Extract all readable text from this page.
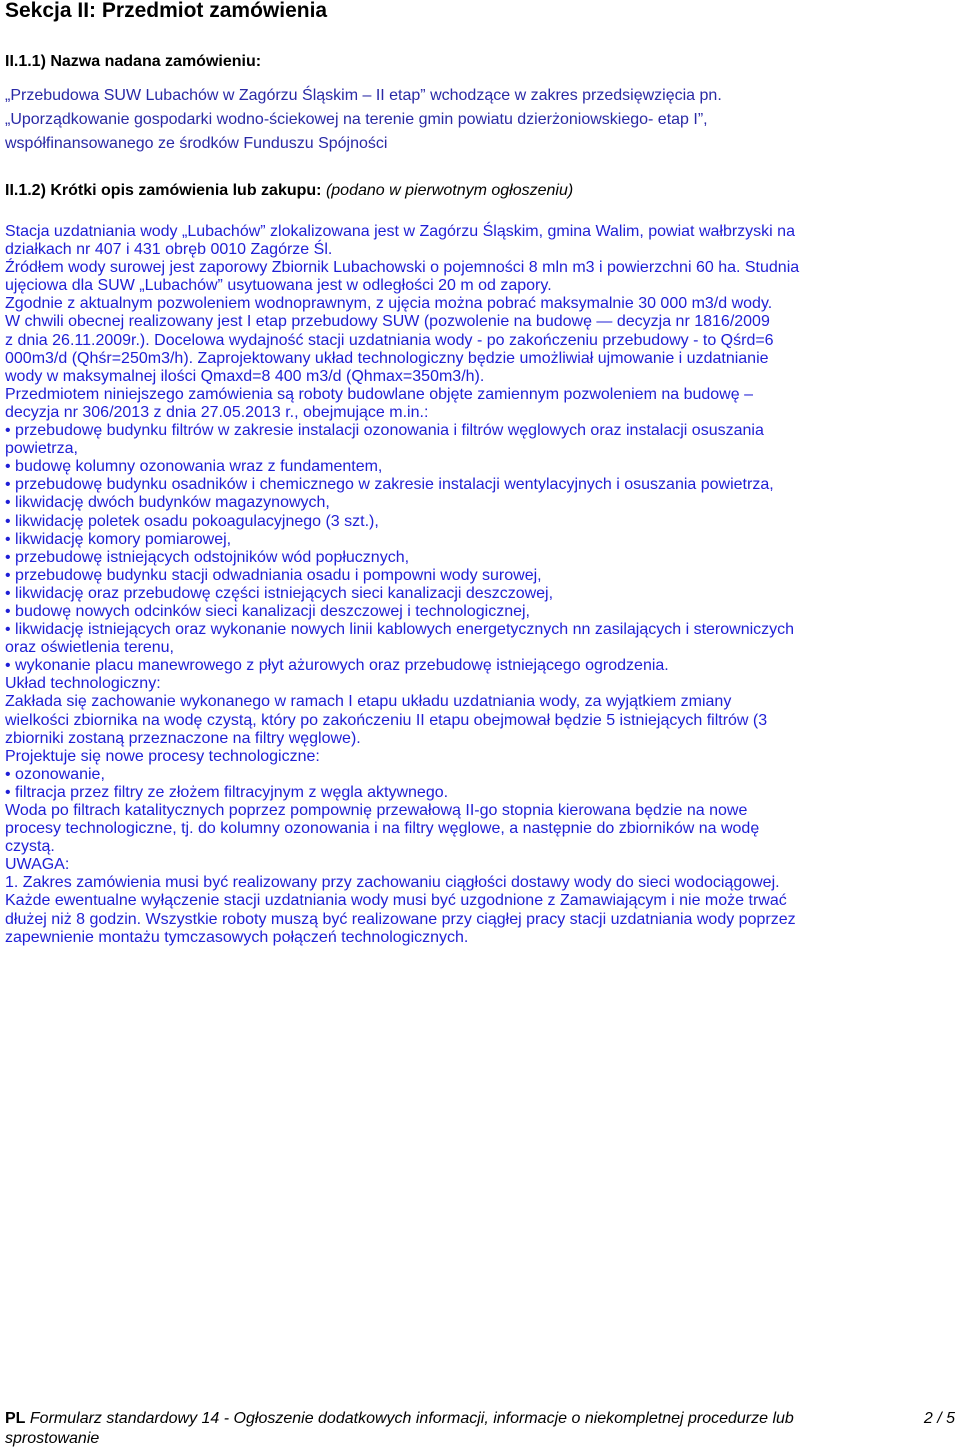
Sekcja II: Przedmiot zamówienia
II.1.1) Nazwa nadana zamówieniu:
„Przebudowa SUW Lubachów w Zagórzu Śląskim – II etap” wchodzące w zakres przedsięwzięcia pn.
„Uporządkowanie gospodarki wodno-ściekowej na terenie gmin powiatu dzierżoniowskiego- etap I”,
współfinansowanego ze środków Funduszu Spójności
II.1.2) Krótki opis zamówienia lub zakupu: (podano w pierwotnym ogłoszeniu)
Stacja uzdatniania wody „Lubachów” zlokalizowana jest w Zagórzu Śląskim, gmina Walim, powiat wałbrzyski na
działkach nr 407 i 431 obręb 0010 Zagórze Śl.
Źródłem wody surowej jest zaporowy Zbiornik Lubachowski o pojemności 8 mln m3 i powierzchni 60 ha. Studnia
ujęciowa dla SUW „Lubachów” usytuowana jest w odległości 20 m od zapory.
Zgodnie z aktualnym pozwoleniem wodnoprawnym, z ujęcia można pobrać maksymalnie 30 000 m3/d wody.
W chwili obecnej realizowany jest I etap przebudowy SUW (pozwolenie na budowę — decyzja nr 1816/2009
z dnia 26.11.2009r.). Docelowa wydajność stacji uzdatniania wody - po zakończeniu przebudowy - to Qśrd=6
000m3/d (Qhśr=250m3/h). Zaprojektowany układ technologiczny będzie umożliwiał ujmowanie i uzdatnianie
wody w maksymalnej ilości Qmaxd=8 400 m3/d (Qhmax=350m3/h).
Przedmiotem niniejszego zamówienia są roboty budowlane objęte zamiennym pozwoleniem na budowę –
decyzja nr 306/2013 z dnia 27.05.2013 r., obejmujące m.in.:
• przebudowę budynku filtrów w zakresie instalacji ozonowania i filtrów węglowych oraz instalacji osuszania
powietrza,
• budowę kolumny ozonowania wraz z fundamentem,
• przebudowę budynku osadników i chemicznego w zakresie instalacji wentylacyjnych i osuszania powietrza,
• likwidację dwóch budynków magazynowych,
• likwidację poletek osadu pokoagulacyjnego (3 szt.),
• likwidację komory pomiarowej,
• przebudowę istniejących odstojników wód popłucznych,
• przebudowę budynku stacji odwadniania osadu i pompowni wody surowej,
• likwidację oraz przebudowę części istniejących sieci kanalizacji deszczowej,
• budowę nowych odcinków sieci kanalizacji deszczowej i technologicznej,
• likwidację istniejących oraz wykonanie nowych linii kablowych energetycznych nn zasilających i sterowniczych
oraz oświetlenia terenu,
• wykonanie placu manewrowego z płyt ażurowych oraz przebudowę istniejącego ogrodzenia.
Układ technologiczny:
Zakłada się zachowanie wykonanego w ramach I etapu układu uzdatniania wody, za wyjątkiem zmiany
wielkości zbiornika na wodę czystą, który po zakończeniu II etapu obejmował będzie 5 istniejących filtrów (3
zbiorniki zostaną przeznaczone na filtry węglowe).
Projektuje się nowe procesy technologiczne:
• ozonowanie,
• filtracja przez filtry ze złożem filtracyjnym z węgla aktywnego.
Woda po filtrach katalitycznych poprzez pompownię przewałową II-go stopnia kierowana będzie na nowe
procesy technologiczne, tj. do kolumny ozonowania i na filtry węglowe, a następnie do zbiorników na wodę
czystą.
UWAGA:
1. Zakres zamówienia musi być realizowany przy zachowaniu ciągłości dostawy wody do sieci wodociągowej.
Każde ewentualne wyłączenie stacji uzdatniania wody musi być uzgodnione z Zamawiającym i nie może trwać
dłużej niż 8 godzin. Wszystkie roboty muszą być realizowane przy ciągłej pracy stacji uzdatniania wody poprzez
zapewnienie montażu tymczasowych połączeń technologicznych.
PL Formularz standardowy 14 - Ogłoszenie dodatkowych informacji, informacje o niekompletnej procedurze lub	2 / 5
sprostowanie
